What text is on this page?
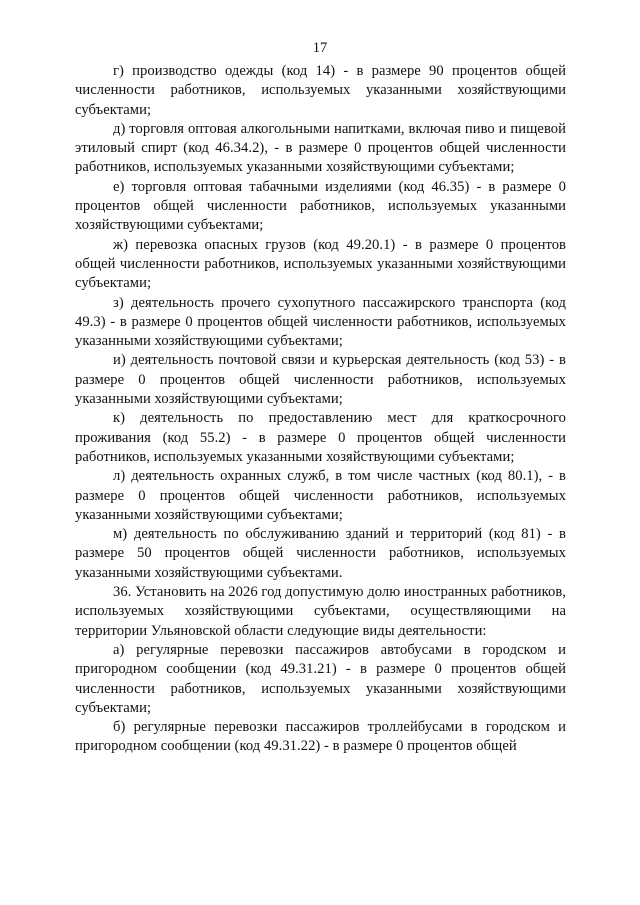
17

г) производство одежды (код 14) - в размере 90 процентов общей численности работников, используемых указанными хозяйствующими субъектами;

д) торговля оптовая алкогольными напитками, включая пиво и пищевой этиловый спирт (код 46.34.2), - в размере 0 процентов общей численности работников, используемых указанными хозяйствующими субъектами;

е) торговля оптовая табачными изделиями (код 46.35) - в размере 0 процентов общей численности работников, используемых указанными хозяйствующими субъектами;

ж) перевозка опасных грузов (код 49.20.1) - в размере 0 процентов общей численности работников, используемых указанными хозяйствующими субъектами;

з) деятельность прочего сухопутного пассажирского транспорта (код 49.3) - в размере 0 процентов общей численности работников, используемых указанными хозяйствующими субъектами;

и) деятельность почтовой связи и курьерская деятельность (код 53) - в размере 0 процентов общей численности работников, используемых указанными хозяйствующими субъектами;

к) деятельность по предоставлению мест для краткосрочного проживания (код 55.2) - в размере 0 процентов общей численности работников, используемых указанными хозяйствующими субъектами;

л) деятельность охранных служб, в том числе частных (код 80.1), - в размере 0 процентов общей численности работников, используемых указанными хозяйствующими субъектами;

м) деятельность по обслуживанию зданий и территорий (код 81) - в размере 50 процентов общей численности работников, используемых указанными хозяйствующими субъектами.

36. Установить на 2026 год допустимую долю иностранных работников, используемых хозяйствующими субъектами, осуществляющими на территории Ульяновской области следующие виды деятельности:

а) регулярные перевозки пассажиров автобусами в городском и пригородном сообщении (код 49.31.21) - в размере 0 процентов общей численности работников, используемых указанными хозяйствующими субъектами;

б) регулярные перевозки пассажиров троллейбусами в городском и пригородном сообщении (код 49.31.22) - в размере 0 процентов общей
